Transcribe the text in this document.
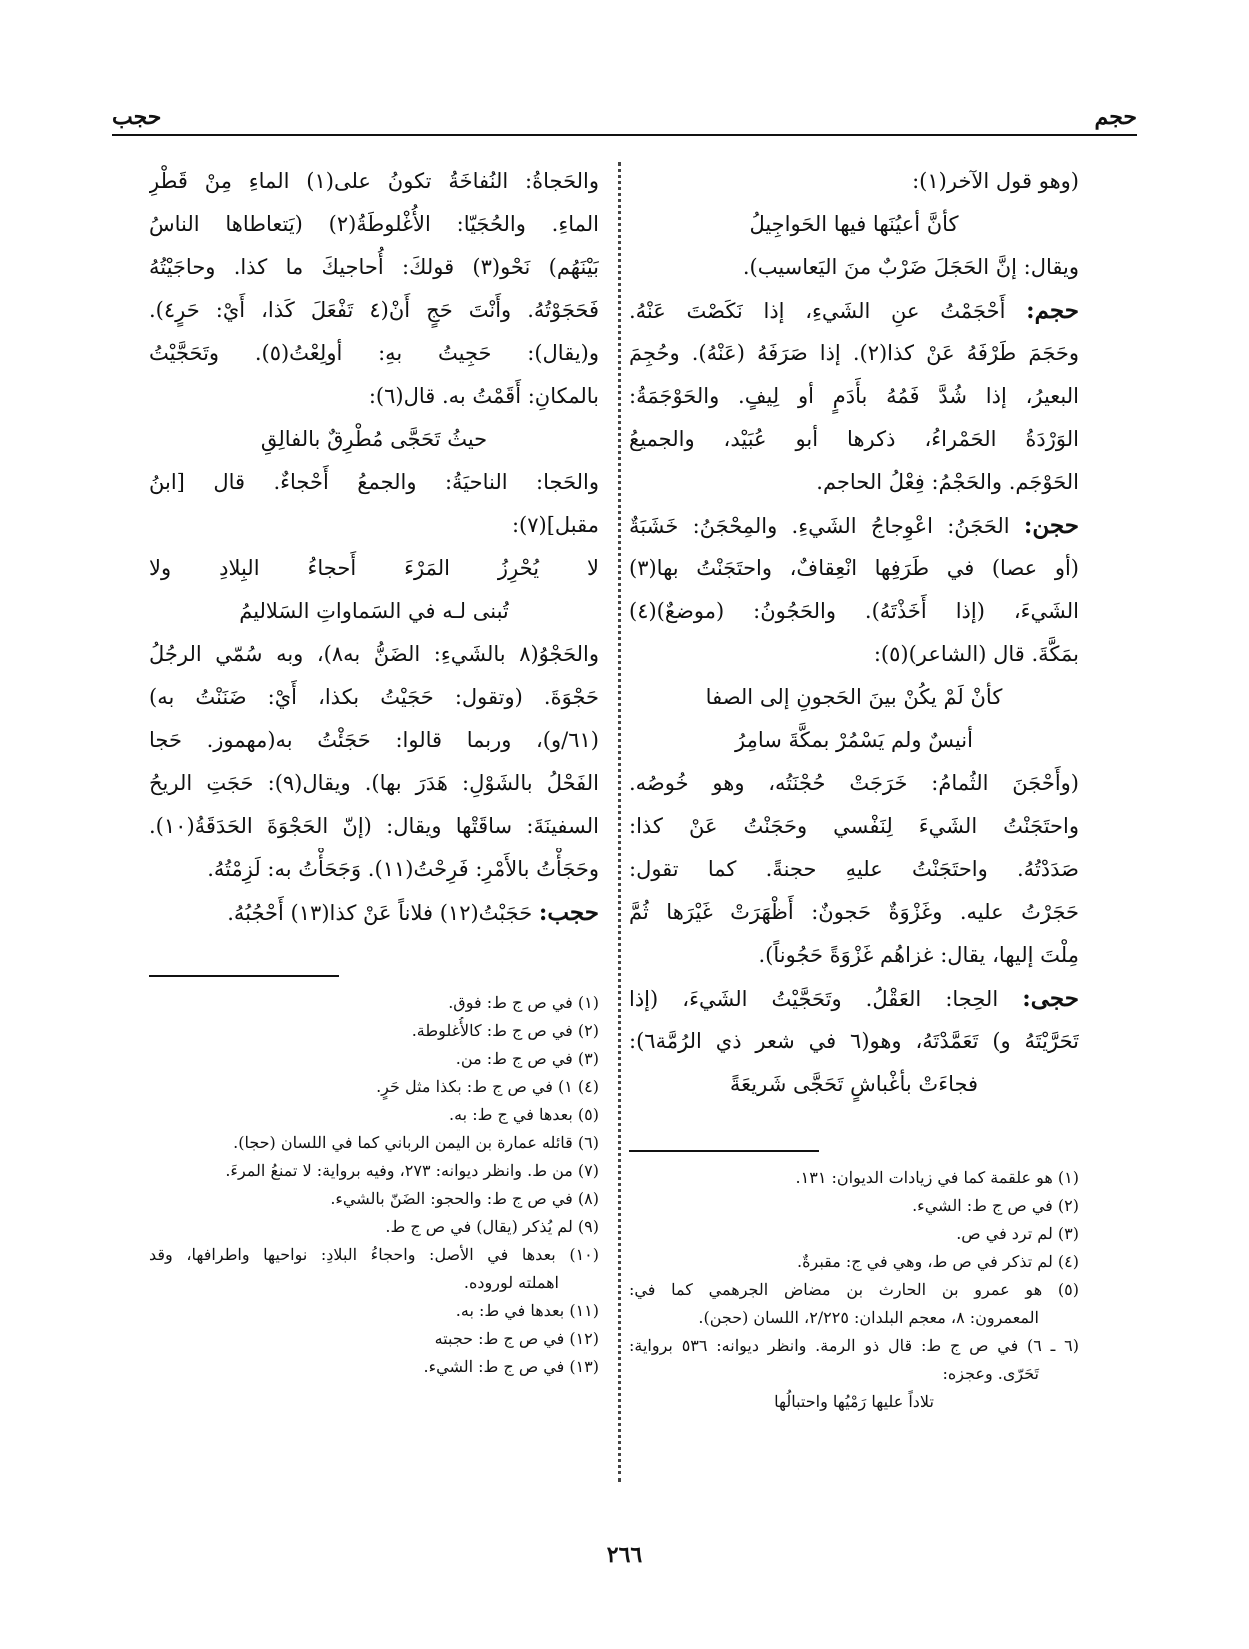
حجم
حجب
(وهو قول الآخر(١):
كأنَّ أعيُنَها فيها الحَواجِيلُ
ويقال: إنَّ الحَجَلَ ضَرْبٌ منَ اليَعاسيب).
حجم: أَحْجَمْتُ عنِ الشَيءِ، إذا نَكَصْتَ عَنْهُ.
وحَجَمَ طَرْفَهُ عَنْ كذا(٢). إذا صَرَفَهُ (عَنْهُ). وحُجِمَ
البعيرُ، إذا شُدَّ فَمُهُ بأَدَمٍ أو لِيفٍ. والحَوْجَمَةُ:
الوَرْدَةُ الحَمْراءُ، ذكرها أبو عُبَيْد، والجميعُ
الحَوْجَم. والحَجْمُ: فِعْلُ الحاجم.
حجن: الحَجَنُ: اعْوِجاجُ الشَيءِ. والمِحْجَنُ: خَشَبَةٌ
(أو عصا) في طَرَفِها انْعِقافٌ، واحتَجَنْتُ بها(٣)
الشَيءَ، (إذا أَخَذْتَهُ). والحَجُونُ: (موضعٌ)(٤)
بمَكَّةَ. قال (الشاعر)(٥):
كأنْ لَمْ يكُنْ بينَ الحَجونِ إلى الصفا
أنيسٌ ولم يَسْمُرْ بمكَّةَ سامِرُ
(وأَحْجَنَ الثُمامُ: خَرَجَتْ حُجْنَتُه، وهو خُوصُه.
واحتَجَنْتُ الشَيءَ لِنَفْسي وحَجَنْتُ عَنْ كذا:
صَدَدْتُهُ. واحتَجَنْتُ عليهِ حجنةً. كما تقول:
حَجَرْتُ عليه. وغَزْوَةٌ حَجونٌ: أَظْهَرَتْ غَيْرَها ثُمَّ
مِلْتَ إليها، يقال: غزاهُم غَزْوَةً حَجُوناً).
حجى: الحِجا: العَقْلُ. وتَحَجَّيْتُ الشَيءَ، (إذا
تَحَرَّيْتَهُ و) تَعَمَّدْتَهُ، وهو(٦ في شعر ذي الرُمَّة٦):
فجاءَتْ بأغْباشٍ تَحَجَّى شَريعَةً
والحَجاةُ: النُفاخَةُ تكونُ على(١) الماءِ مِنْ قَطْرِ
الماءِ. والحُجَيّا: الأُغْلوطَةُ(٢) (يَتعاطاها الناسُ
بَيْنَهُم) نَحْو(٣) قولكَ: أُحاجيكَ ما كذا. وحاجَيْتُهُ
فَحَجَوْتُهُ. وأَنْتَ حَجٍ أَنْ(٤ تَفْعَلَ كَذا، أَيْ: حَرٍ٤).
و(يقال): حَجِيتُ بهِ: أولِعْتُ(٥). وتَحَجَّيْتُ
بالمكانِ: أَقَمْتُ به. قال(٦):
حيثُ تَحَجَّى مُطْرِقٌ بالفالِقِ
والحَجا: الناحيَةُ: والجمعُ أَحْجاءٌ. قال [ابنُ
مقبل](٧):
لا يُحْرِزُ المَرْءَ أَحجاءُ البِلادِ ولا
تُبنى لـه في السَماواتِ السَلاليمُ
والحَجْوُ(٨ بالشَيءِ: الضَنُّ به٨)، وبه سُمّي الرجُلُ
حَجْوَةَ. (وتقول: حَجَيْتُ بكذا، أَيْ: ضَنَنْتُ به)
(٦١/و)، وربما قالوا: حَجَئْتُ به(مهموز. حَجا
الفَحْلُ بالشَوْلِ: هَدَرَ بها). ويقال(٩): حَجَتِ الريحُ
السفينَةَ: ساقَتْها ويقال: (إنّ الحَجْوَةَ الحَدَقَةُ(١٠).
وحَجَأْتُ بالأَمْرِ: فَرِحْتُ(١١). وَجَحَأْتُ به: لَزِمْتُهُ.
حجب: حَجَبْتُ(١٢) فلاناً عَنْ كذا(١٣) أَحْجُبُهُ.
(١) هو علقمة كما في زيادات الديوان: ١٣١.
(٢) في ص ج ط: الشيء.
(٣) لم ترد في ص.
(٤) لم تذكر في ص ط، وهي في ج: مقبرةٌ.
(٥) هو عمرو بن الحارث بن مضاض الجرهمي كما في:
المعمرون: ٨، معجم البلدان: ٢/٢٢٥، اللسان (حجن).
(٦ ـ ٦) في ص ج ط: قال ذو الرمة. وانظر ديوانه: ٥٣٦ برواية:
تَحَرّى. وعجزه:
تلاداً عليها رَمْيُها واحتبالُها
(١) في ص ج ط: فوق.
(٢) في ص ج ط: كالأُغلوطة.
(٣) في ص ج ط: من.
(٤) ١) في ص ج ط: بكذا مثل حَرٍ.
(٥) بعدها في ج ط: به.
(٦) قائله عمارة بن اليمن الرباني كما في اللسان (حجا).
(٧) من ط. وانظر ديوانه: ٢٧٣، وفيه برواية: لا تمنعُ المرءَ.
(٨) في ص ج ط: والحجو: الضَنّ بالشيء.
(٩) لم يُذكر (يقال) في ص ج ط.
(١٠) بعدها في الأصل: واحجاءُ البلادِ: نواحيها واطرافها، وقد
اهملته لوروده.
(١١) بعدها في ط: به.
(١٢) في ص ج ط: حجبته
(١٣) في ص ج ط: الشيء.
٢٦٦
